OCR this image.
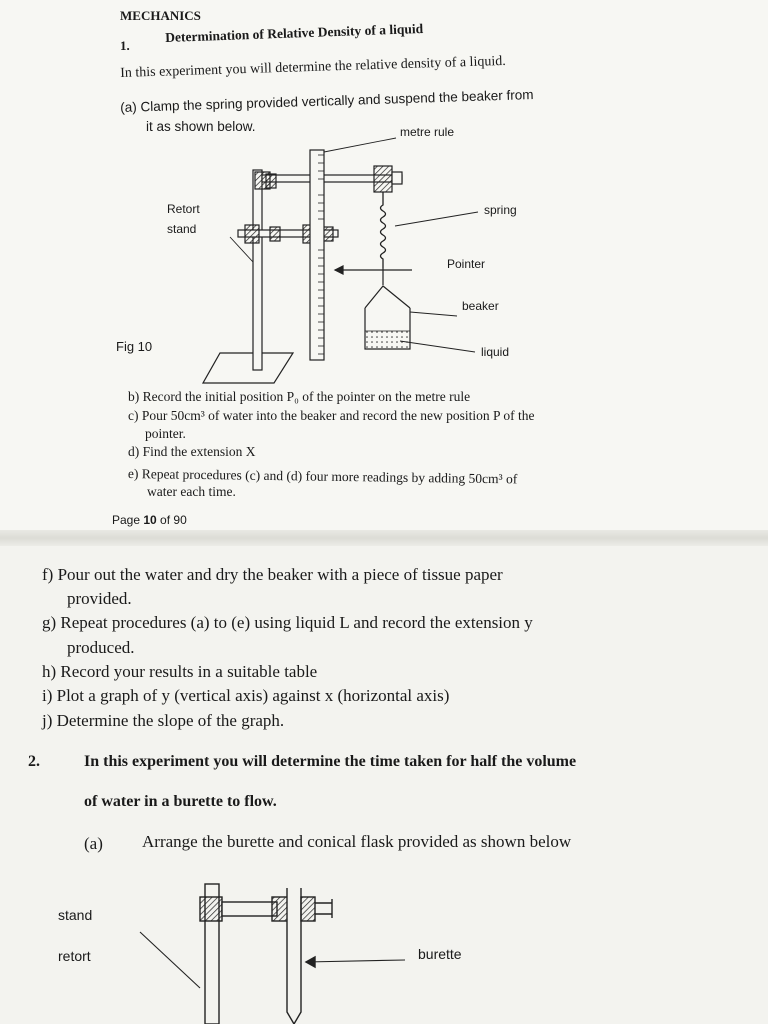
MECHANICS
1.
Determination of Relative Density of a liquid
In this experiment you will determine the relative density of a liquid.
(a) Clamp the spring provided vertically and suspend the beaker from
it as shown below.	metre rule
spring
Retort
stand
Pointer
beaker
liquid
Fig 10
b) Record the initial position P₀ of the pointer on the metre rule
c) Pour 50cm³ of water into the beaker and record the new position P of the
pointer.
d) Find the extension X
e) Repeat procedures (c) and (d) four more readings by adding 50cm³ of
water each time.
Page 10 of 90
f) Pour out the water and dry the beaker with a piece of tissue paper
provided.
g) Repeat procedures (a) to (e) using liquid L and record the extension y
produced.
h) Record your results in a suitable table
i) Plot a graph of y (vertical axis) against x (horizontal axis)
j) Determine the slope of the graph.
2.	In this experiment you will determine the time taken for half the volume
of water in a burette to flow.
(a) Arrange the burette and conical flask provided as shown below
stand
retort	burette
